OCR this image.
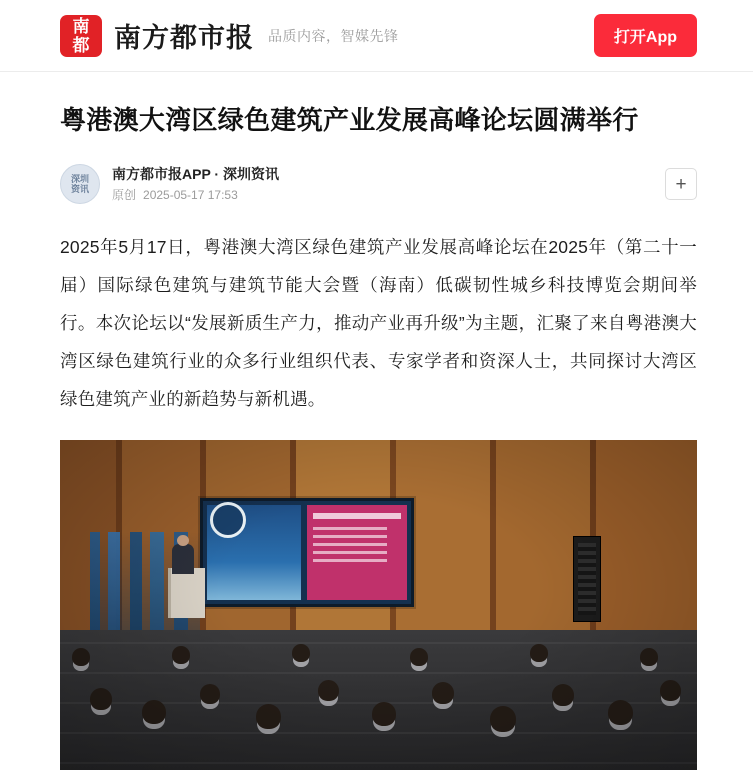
南都 南方都市报 品质内容，智媒先锋	打开App
粤港澳大湾区绿色建筑产业发展高峰论坛圆满举行
深圳资讯
南方都市报APP · 深圳资讯
原创 2025-05-17 17:53	+

2025年5月17日，粤港澳大湾区绿色建筑产业发展高峰论坛在2025年（第二十一届）国际绿色建筑与建筑节能大会暨（海南）低碳韧性城乡科技博览会期间举行。本次论坛以“发展新质生产力，推动产业再升级”为主题，汇聚了来自粤港澳大湾区绿色建筑行业的众多行业组织代表、专家学者和资深人士，共同探讨大湾区绿色建筑产业的新趋势与新机遇。
